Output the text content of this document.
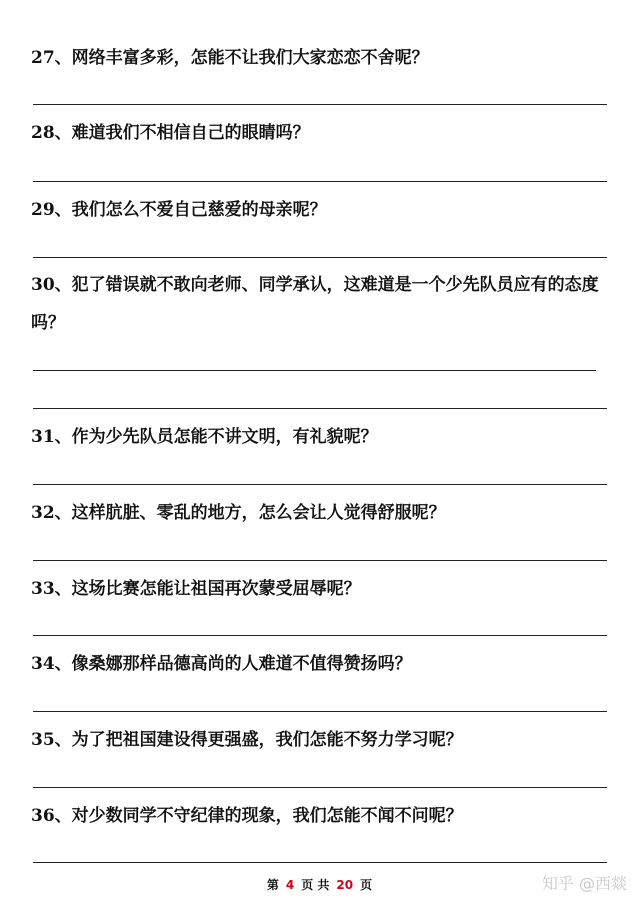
27、网络丰富多彩，怎能不让我们大家恋恋不舍呢？
28、难道我们不相信自己的眼睛吗？
29、我们怎么不爱自己慈爱的母亲呢？
30、犯了错误就不敢向老师、同学承认，这难道是一个少先队员应有的态度吗？
31、作为少先队员怎能不讲文明，有礼貌呢？
32、这样肮脏、零乱的地方，怎么会让人觉得舒服呢？
33、这场比赛怎能让祖国再次蒙受屈辱呢？
34、像桑娜那样品德高尚的人难道不值得赞扬吗？
35、为了把祖国建设得更强盛，我们怎能不努力学习呢？
36、对少数同学不守纪律的现象，我们怎能不闻不问呢？
第 4 页 共 20 页	知乎 @西燚
